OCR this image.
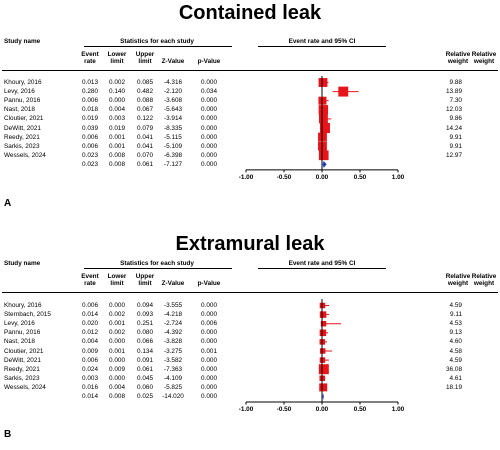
Contained leak
Study name	Statistics for each study	Event rate and 95% CI
Event
rate
Lower
limit
Upper
limit Z-Value p-Value
Relative
weight
Relative
weight
Khoury, 2016	0.013 0.002 0.085 -4.316	0.000	9.88
Levy, 2016	0.280 0.140 0.482 -2.120	0.034	13.89
Pannu, 2016	0.006 0.000 0.088 -3.608	0.000	7.30
Nast, 2018	0.018 0.004 0.067 -5.643	0.000	12.03
Cloutier, 2021	0.019 0.003 0.122 -3.914	0.000	9.86
DeWitt, 2021	0.039 0.019 0.079 -8.335	0.000	14.24
Reedy, 2021	0.006 0.001 0.041 -5.115	0.000	9.91
Sarkis, 2023	0.006 0.001 0.041 -5.109	0.000	9.91
Wessels, 2024	0.023 0.008 0.070 -6.398	0.000	12.97
0.023 0.008 0.061 -7.127	0.000
-1.00	-0.50	0.00	0.50	1.00
A
Extramural leak
Study name	Statistics for each study	Event rate and 95% CI
Event
rate
Lower
limit
Upper
limit Z-Value p-Value
Relative
weight
Relative
weight
Khoury, 2016	0.006 0.000 0.094 -3.555	0.000	4.59
Sternbach, 2015	0.014 0.002 0.093 -4.218	0.000	9.11
Levy, 2016	0.020 0.001 0.251 -2.724	0.006	4.53
Pannu, 2016	0.012 0.002 0.080 -4.392	0.000	9.13
Nast, 2018	0.004 0.000 0.066 -3.828	0.000	4.60
Cloutier, 2021	0.009 0.001 0.134 -3.275	0.001	4.58
DeWitt, 2021	0.006 0.000 0.091 -3.582	0.000	4.59
Reedy, 2021	0.024 0.009 0.061 -7.363	0.000	36.08
Sarkis, 2023	0.003 0.000 0.045 -4.109	0.000	4.61
Wessels, 2024	0.016 0.004 0.060 -5.825	0.000	18.19
0.014 0.008 0.025 -14.020	0.000
-1.00	-0.50	0.00	0.50	1.00
B
